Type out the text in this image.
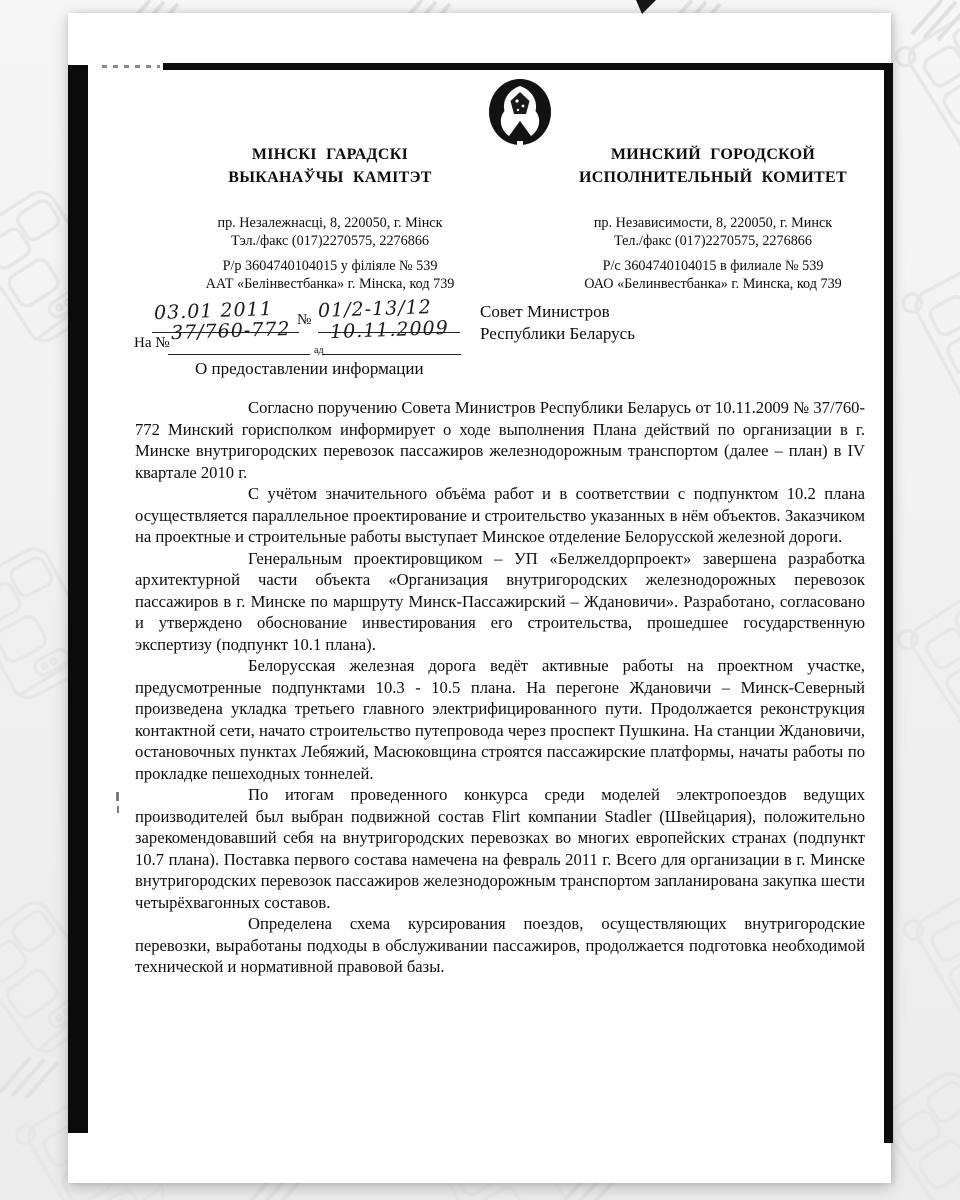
МІНСКІ ГАРАДСКІ
ВЫКАНАЎЧЫ КАМІТЭТ
пр. Незалежнасці, 8, 220050, г. Мінск
Тэл./факс (017)2270575, 2276866
Р/р 3604740104015 у філіяле № 539
ААТ «Белінвестбанка» г. Мінска, код 739
МИНСКИЙ ГОРОДСКОЙ
ИСПОЛНИТЕЛЬНЫЙ КОМИТЕТ
пр. Независимости, 8, 220050, г. Минск
Тел./факс (017)2270575, 2276866
Р/с 3604740104015 в филиале № 539
ОАО «Белинвестбанка» г. Минска, код 739
03.01 2011 № 01/2-13/12
На № 37/760-772
ад
10.11.2009
Совет Министров
Республики Беларусь
О предоставлении информации

Согласно поручению Совета Министров Республики Беларусь от 10.11.2009 № 37/760-772 Минский горисполком информирует о ходе выполнения Плана действий по организации в г. Минске внутригородских перевозок пассажиров железнодорожным транспортом (далее – план) в IV квартале 2010 г.

С учётом значительного объёма работ и в соответствии с подпунктом 10.2 плана осуществляется параллельное проектирование и строительство указанных в нём объектов. Заказчиком на проектные и строительные работы выступает Минское отделение Белорусской железной дороги.

Генеральным проектировщиком – УП «Белжелдорпроект» завершена разработка архитектурной части объекта «Организация внутригородских железнодорожных перевозок пассажиров в г. Минске по маршруту Минск-Пассажирский – Ждановичи». Разработано, согласовано и утверждено обоснование инвестирования его строительства, прошедшее государственную экспертизу (подпункт 10.1 плана).

Белорусская железная дорога ведёт активные работы на проектном участке, предусмотренные подпунктами 10.3 - 10.5 плана. На перегоне Ждановичи – Минск-Северный произведена укладка третьего главного электрифицированного пути. Продолжается реконструкция контактной сети, начато строительство путепровода через проспект Пушкина. На станции Ждановичи, остановочных пунктах Лебяжий, Масюковщина строятся пассажирские платформы, начаты работы по прокладке пешеходных тоннелей.

По итогам проведенного конкурса среди моделей электропоездов ведущих производителей был выбран подвижной состав Flirt компании Stadler (Швейцария), положительно зарекомендовавший себя на внутригородских перевозках во многих европейских странах (подпункт 10.7 плана). Поставка первого состава намечена на февраль 2011 г. Всего для организации в г. Минске внутригородских перевозок пассажиров железнодорожным транспортом запланирована закупка шести четырёхвагонных составов.

Определена схема курсирования поездов, осуществляющих внутригородские перевозки, выработаны подходы в обслуживании пассажиров, продолжается подготовка необходимой технической и нормативной правовой базы.
